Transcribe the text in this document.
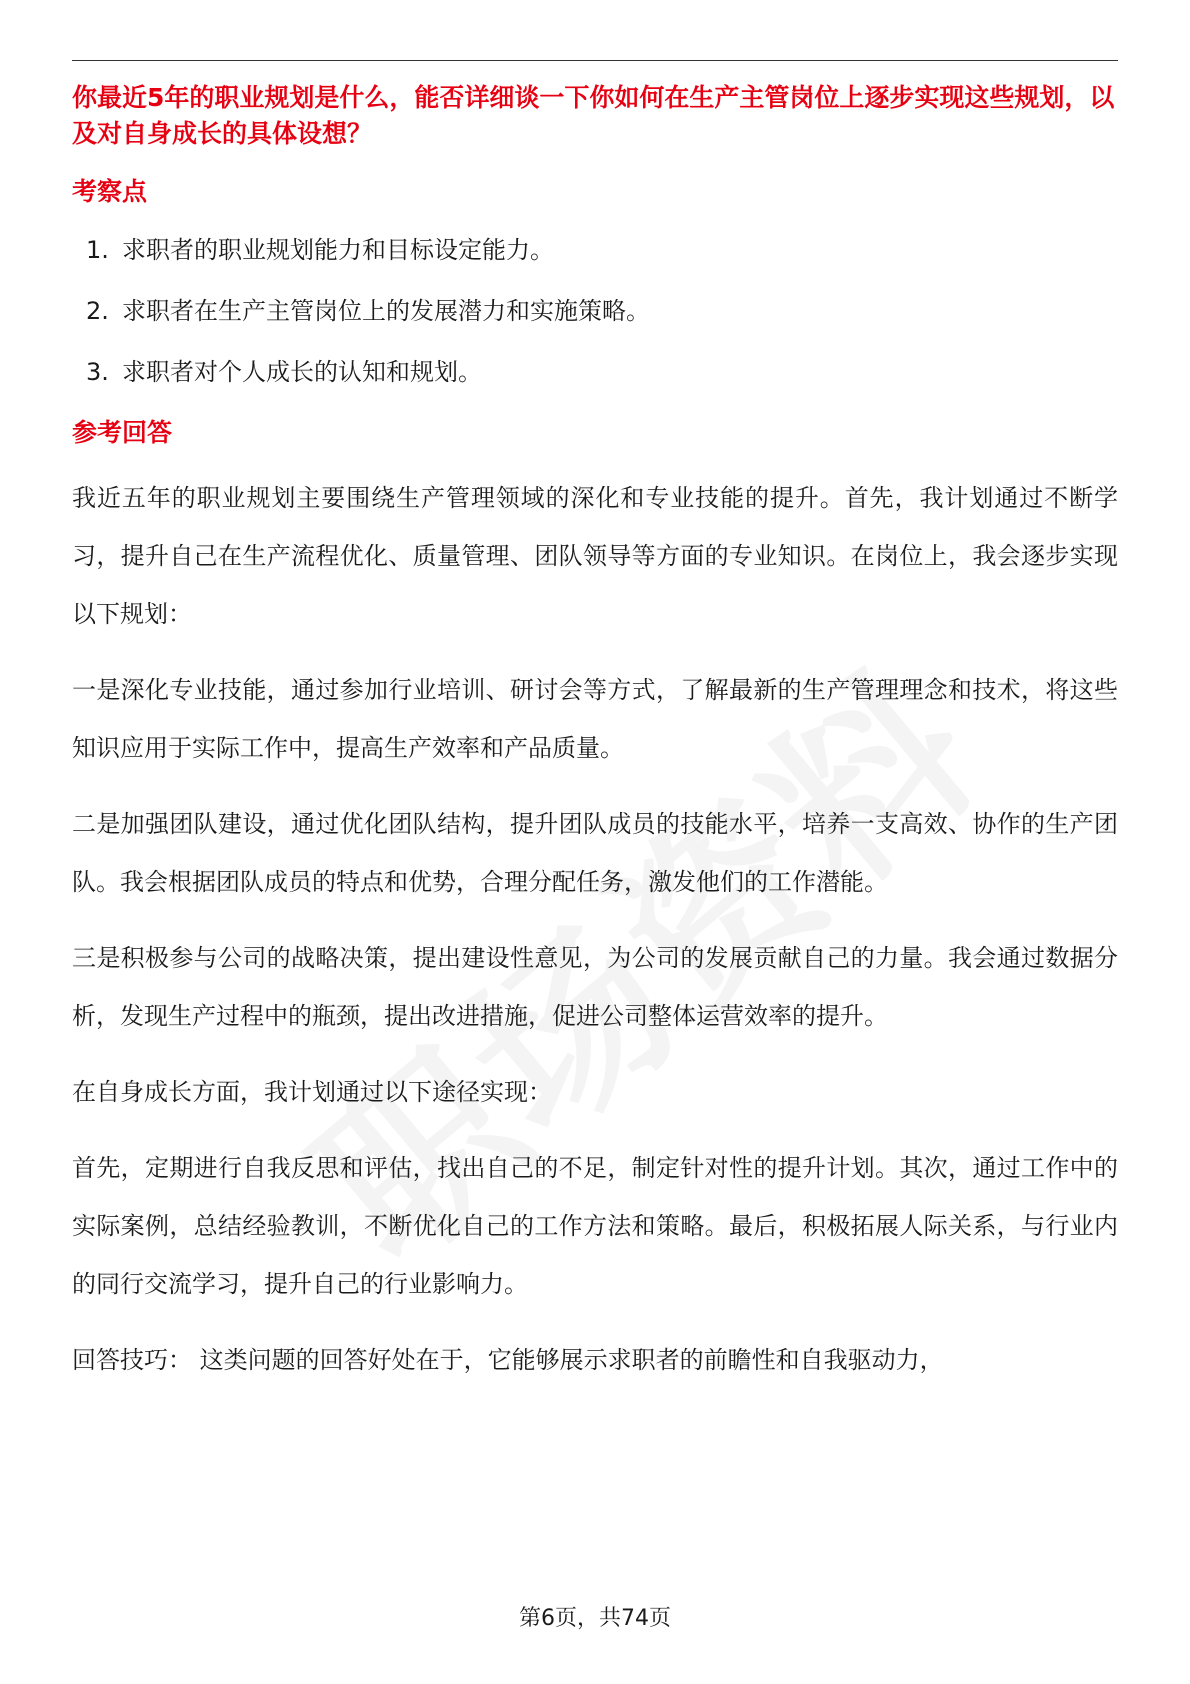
你最近5年的职业规划是什么，能否详细谈一下你如何在生产主管岗位上逐步实现这些规划，以及对自身成长的具体设想？

考察点
1. 求职者的职业规划能力和目标设定能力。
2. 求职者在生产主管岗位上的发展潜力和实施策略。
3. 求职者对个人成长的认知和规划。
参考回答

我近五年的职业规划主要围绕生产管理领域的深化和专业技能的提升。首先，我计划通过不断学习，提升自己在生产流程优化、质量管理、团队领导等方面的专业知识。在岗位上，我会逐步实现以下规划：

一是深化专业技能，通过参加行业培训、研讨会等方式，了解最新的生产管理理念和技术，将这些知识应用于实际工作中，提高生产效率和产品质量。

二是加强团队建设，通过优化团队结构，提升团队成员的技能水平，培养一支高效、协作的生产团队。我会根据团队成员的特点和优势，合理分配任务，激发他们的工作潜能。

三是积极参与公司的战略决策，提出建设性意见，为公司的发展贡献自己的力量。我会通过数据分析，发现生产过程中的瓶颈，提出改进措施，促进公司整体运营效率的提升。

在自身成长方面，我计划通过以下途径实现：

首先，定期进行自我反思和评估，找出自己的不足，制定针对性的提升计划。其次，通过工作中的实际案例，总结经验教训，不断优化自己的工作方法和策略。最后，积极拓展人际关系，与行业内的同行交流学习，提升自己的行业影响力。

回答技巧： 这类问题的回答好处在于，它能够展示求职者的前瞻性和自我驱动力，

第6页，共74页
